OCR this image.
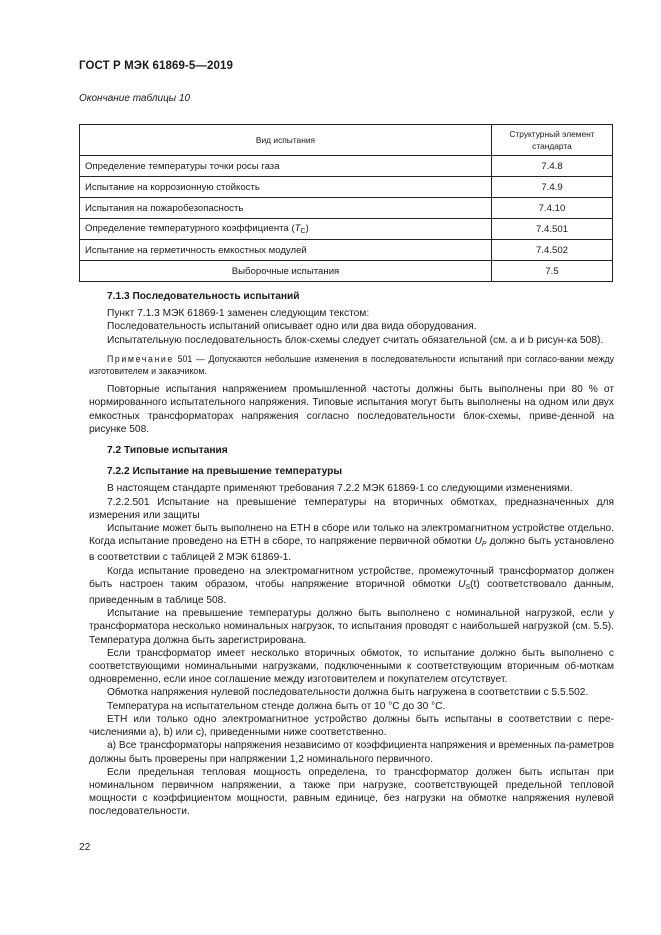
ГОСТ Р МЭК 61869-5—2019
Окончание таблицы 10
Вид испытания	Структурный элемент
стандарта
Определение температуры точки росы газа	7.4.8
Испытание на коррозионную стойкость	7.4.9
Испытания на пожаробезопасность	7.4.10
Определение температурного коэффициента $(T_C)$	7.4.501
Испытание на герметичность емкостных модулей	7.4.502
Выборочные испытания	7.5

7.1.3 Последовательность испытаний

Пункт 7.1.3 МЭК 61869-1 заменен следующим текстом:

Последовательность испытаний описывает одно или два вида оборудования.

Испытательную последовательность блок-схемы следует считать обязательной (см. a и b рисун-ка 508).

Примечание 501 — Допускаются небольшие изменения в последовательности испытаний при согласо-вании между изготовителем и заказчиком.

Повторные испытания напряжением промышленной частоты должны быть выполнены при 80 % от нормированного испытательного напряжения. Типовые испытания могут быть выполнены на одном или двух емкостных трансформаторах напряжения согласно последовательности блок-схемы, приве-денной на рисунке 508.

7.2 Типовые испытания

7.2.2 Испытание на превышение температуры

В настоящем стандарте применяют требования 7.2.2 МЭК 61869-1 со следующими изменениями.

7.2.2.501 Испытание на превышение температуры на вторичных обмотках, предназначенных для измерения или защиты

Испытание может быть выполнено на ЕТН в сборе или только на электромагнитном устройстве отдельно. Когда испытание проведено на ЕТН в сборе, то напряжение первичной обмотки $U_P$ должно быть установлено в соответствии с таблицей 2 МЭК 61869-1.

Когда испытание проведено на электромагнитном устройстве, промежуточный трансформатор должен быть настроен таким образом, чтобы напряжение вторичной обмотки $U_S(t)$ соответствовало данным, приведенным в таблице 508.

Испытание на превышение температуры должно быть выполнено с номинальной нагрузкой, если у трансформатора несколько номинальных нагрузок, то испытания проводят с наибольшей нагрузкой (см. 5.5). Температура должна быть зарегистрирована.

Если трансформатор имеет несколько вторичных обмоток, то испытание должно быть выполнено с соответствующими номинальными нагрузками, подключенными к соответствующим вторичным об-моткам одновременно, если иное соглашение между изготовителем и покупателем отсутствует.

Обмотка напряжения нулевой последовательности должна быть нагружена в соответствии с 5.5.502.

Температура на испытательном стенде должна быть от 10 °С до 30 °С.

ЕТН или только одно электромагнитное устройство должны быть испытаны в соответствии с пере-числениями a), b) или c), приведенными ниже соответственно.

a) Все трансформаторы напряжения независимо от коэффициента напряжения и временных па-раметров должны быть проверены при напряжении 1,2 номинального первичного.

Если предельная тепловая мощность определена, то трансформатор должен быть испытан при номинальном первичном напряжении, а также при нагрузке, соответствующей предельной тепловой мощности с коэффициентом мощности, равным единице, без нагрузки на обмотке напряжения нулевой последовательности.

22
